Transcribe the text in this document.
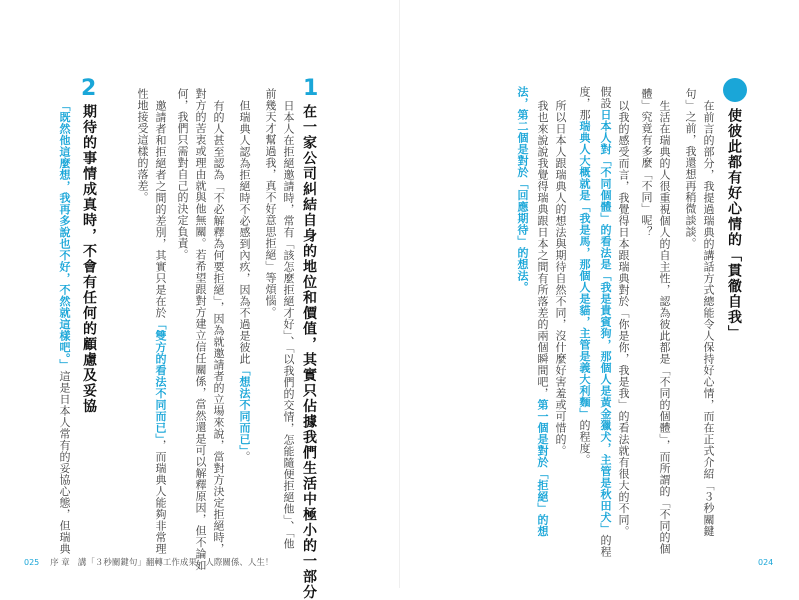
使彼此都有好心情的「貫徹自我」
在前言的部分，我提過瑞典的講話方式總能令人保持好心情，而在正式介紹「３秒關鍵
句」之前，我還想再稍微談談。
生活在瑞典的人很重視個人的自主性，認為彼此都是「不同的個體」，而所謂的「不同的個
體」究竟有多麼「不同」呢？
以我的感受而言，我覺得日本跟瑞典對於「你是你，我是我」的看法就有很大的不同。
假設日本人對「不同個體」的看法是「我是貴賓狗，那個人是黃金獵犬，主管是秋田犬」的程
度，那瑞典人大概就是「我是馬，那個人是貓，主管是義大利麵」的程度。
所以日本人跟瑞典人的想法與期待自然不同，沒什麼好害羞或可惜的。
我也來說說我覺得瑞典跟日本之間有所落差的兩個瞬間吧，第一個是對於「拒絕」的想
法，第二個是對於「回應期待」的想法。
1
在一家公司糾結自身的地位和價值，其實只佔據我們生活中極小的一部分
日本人在拒絕邀請時，常有「該怎麼拒絕才好」、「以我們的交情，怎能隨便拒絕他」、「他
前幾天才幫過我，真不好意思拒絕」等煩惱。
但瑞典人認為拒絕時不必感到內疚，因為不過是彼此「想法不同而已」。
有的人甚至認為「不必解釋為何要拒絕」，因為就邀請者的立場來說，當對方決定拒絕時，
對方的苦衷或理由就與他無關。若希望跟對方建立信任關係，當然還是可以解釋原因，但不論如
何，我們只需對自己的決定負責。
邀請者和拒絕者之間的差別，其實只是在於「雙方的看法不同而已」，而瑞典人能夠非常理
性地接受這樣的落差。
2
期待的事情成真時，不會有任何的顧慮及妥協
「既然他這麼想，我再多說也不好，不然就這樣吧。」這是日本人常有的妥協心態，但瑞典
025 序 章 講「３秒關鍵句」翻轉工作成果、人際關係、人生！	024
